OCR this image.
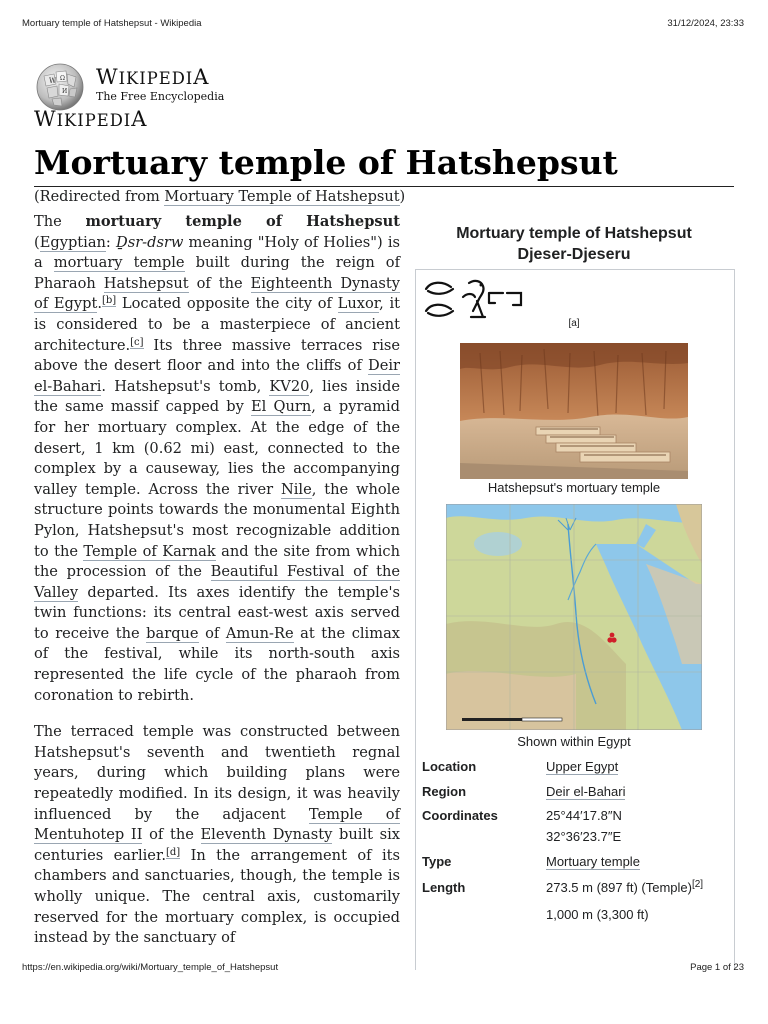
Mortuary temple of Hatshepsut - Wikipedia	31/12/2024, 23:33
W Ω
И
WIKIPEDIA
The Free Encyclopedia
WIKIPEDIA
Mortuary temple of Hatshepsut
(Redirected from Mortuary Temple of Hatshepsut)

The mortuary temple of Hatshepsut (Egyptian: Ḏsr-dsrw meaning "Holy of Holies") is a mortuary temple built during the reign of Pharaoh Hatshepsut of the Eighteenth Dynasty of Egypt.[b] Located opposite the city of Luxor, it is considered to be a masterpiece of ancient architecture.[c] Its three massive terraces rise above the desert floor and into the cliffs of Deir el-Bahari. Hatshepsut's tomb, KV20, lies inside the same massif capped by El Qurn, a pyramid for her mortuary complex. At the edge of the desert, 1 km (0.62 mi) east, connected to the complex by a causeway, lies the accompanying valley temple. Across the river Nile, the whole structure points towards the monumental Eighth Pylon, Hatshepsut's most recognizable addition to the Temple of Karnak and the site from which the procession of the Beautiful Festival of the Valley departed. Its axes identify the temple's twin functions: its central east-west axis served to receive the barque of Amun-Re at the climax of the festival, while its north-south axis represented the life cycle of the pharaoh from coronation to rebirth.

The terraced temple was constructed between Hatshepsut's seventh and twentieth regnal years, during which building plans were repeatedly modified. In its design, it was heavily influenced by the adjacent Temple of Mentuhotep II of the Eleventh Dynasty built six centuries earlier.[d] In the arrangement of its chambers and sanctuaries, though, the temple is wholly unique. The central axis, customarily reserved for the mortuary complex, is occupied instead by the sanctuary of

Mortuary temple of Hatshepsut
Djeser-Djeseru
[a]
Hatshepsut's mortuary temple
Shown within Egypt
Location	Upper Egypt
Region	Deir el-Bahari
Coordinates	25°44′17.8″N
32°36′23.7″E
Type	Mortuary temple
Length	273.5 m (897 ft) (Temple)[2]
1,000 m (3,300 ft)
https://en.wikipedia.org/wiki/Mortuary_temple_of_Hatshepsut	Page 1 of 23
